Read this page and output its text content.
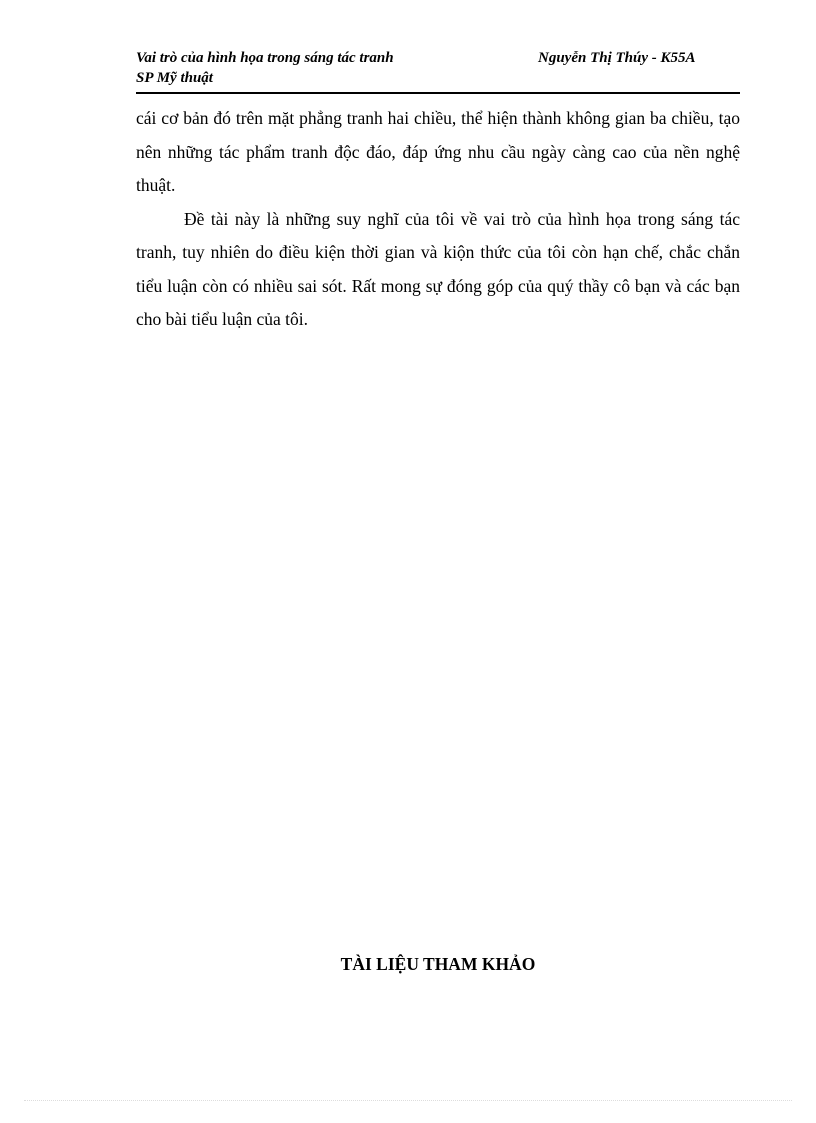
Vai trò của hình họa trong sáng tác tranh
SP Mỹ thuật
Nguyễn Thị Thúy - K55A

cái cơ bản đó trên mặt phẳng tranh hai chiều, thể hiện thành không gian ba chiều, tạo nên những tác phẩm tranh độc đáo, đáp ứng nhu cầu ngày càng cao của nền nghệ thuật.

Đề tài này là những suy nghĩ của tôi về vai trò của hình họa trong sáng tác tranh, tuy nhiên do điều kiện thời gian và kiộn thức của tôi còn hạn chế, chắc chắn tiểu luận còn có nhiều sai sót. Rất mong sự đóng góp của quý thầy cô bạn và các bạn cho bài tiểu luận của tôi.

TÀI LIỆU THAM KHẢO
